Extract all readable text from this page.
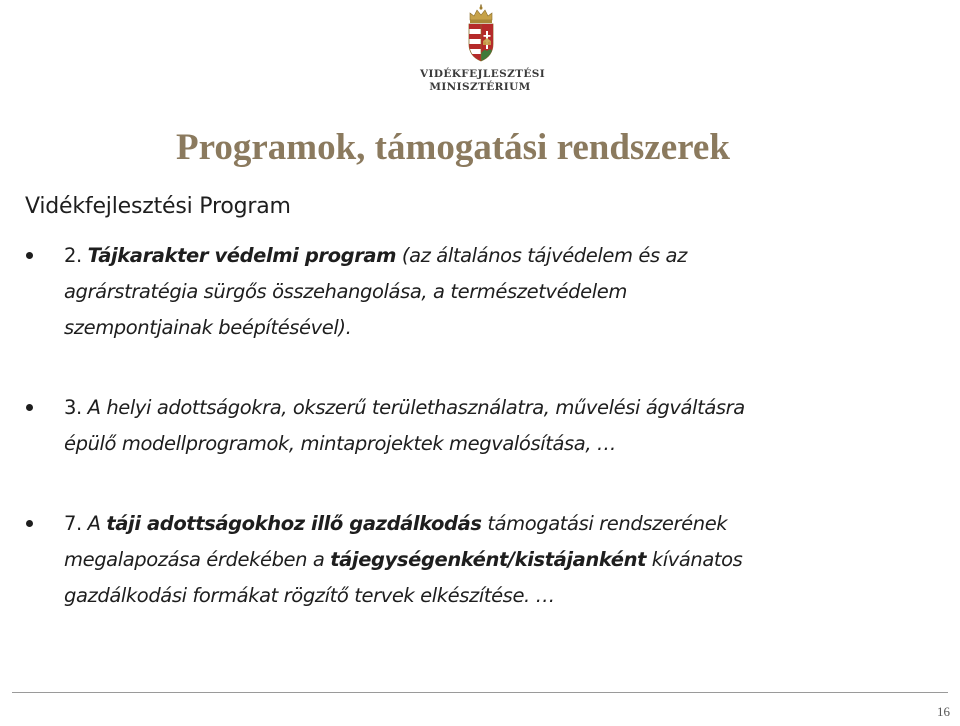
VIDÉKFEJLESZTÉSI
MINISZTÉRIUM
Programok, támogatási rendszerek
Vidékfejlesztési Program
2. Tájkarakter védelmi program (az általános tájvédelem és az
agrárstratégia sürgős összehangolása, a természetvédelem
szempontjainak beépítésével).
3. A helyi adottságokra, okszerű területhasználatra, művelési ágváltásra
épülő modellprogramok, mintaprojektek megvalósítása, …
7. A táji adottságokhoz illő gazdálkodás támogatási rendszerének
megalapozása érdekében a tájegységenként/kistájanként kívánatos
gazdálkodási formákat rögzítő tervek elkészítése. …
16
